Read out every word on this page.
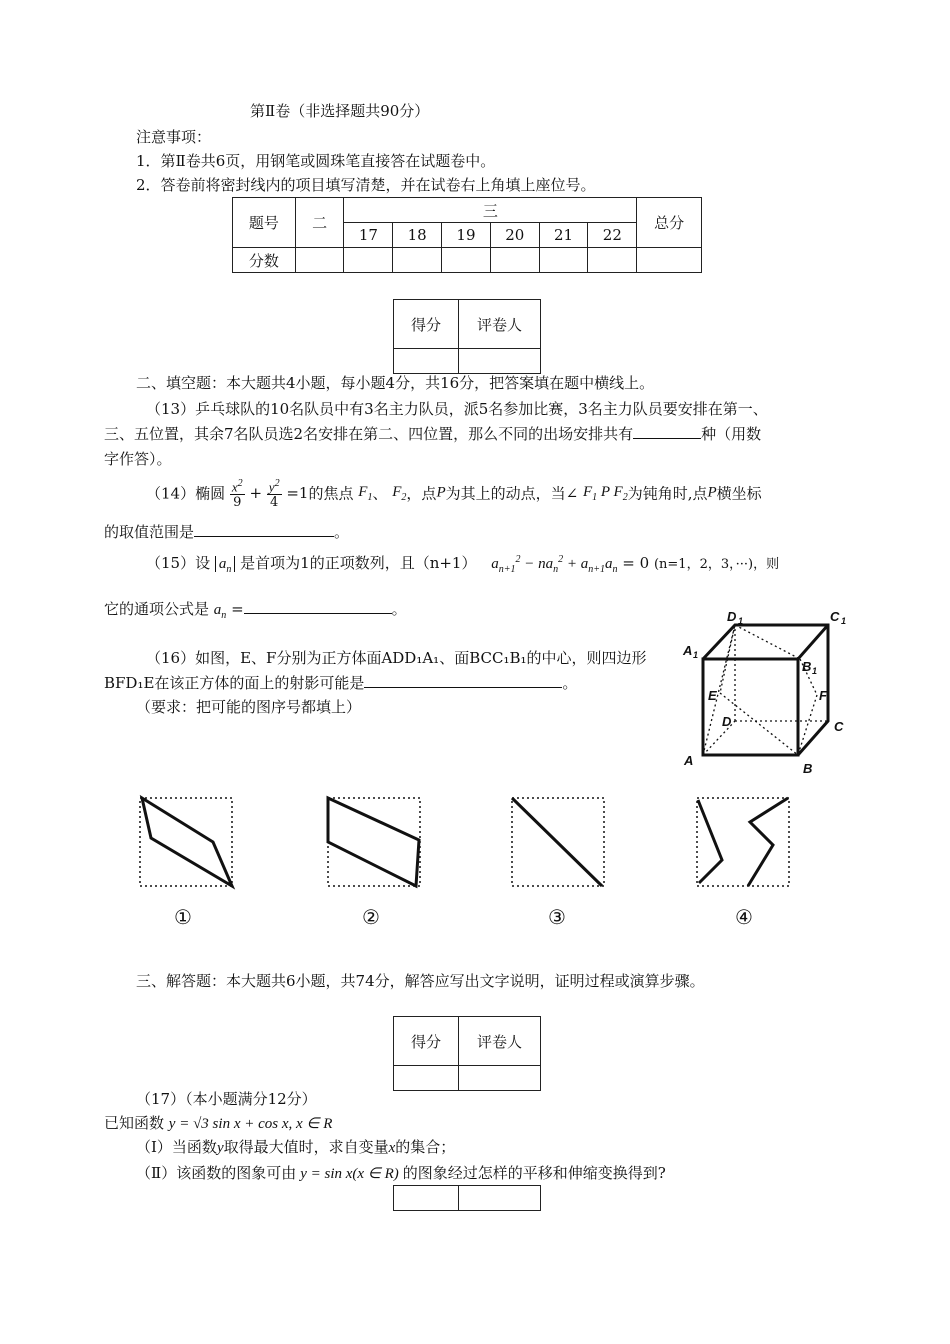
第Ⅱ卷（非选择题共90分）
注意事项：
1．第Ⅱ卷共6页，用钢笔或圆珠笔直接答在试题卷中。
2．答卷前将密封线内的项目填写清楚，并在试卷右上角填上座位号。
题号	二	三						总分
		17	18	19	20	21	22	
分数								
得分	评卷人

二、填空题：本大题共4小题，每小题4分，共16分，把答案填在题中横线上。
（13）乒乓球队的10名队员中有3名主力队员，派5名参加比赛，3名主力队员要安排在第一、
三、五位置，其余7名队员选2名安排在第二、四位置，那么不同的出场安排共有	种（用数
字作答）。
（14）椭圆 $\frac{x^2}{9} + \frac{y^2}{4} =1$的焦点 $F_1$、 $F_2$，点P为其上的动点，当∠ $F_1$ P $F_2$为钝角时,点P横坐标
的取值范围是	。
（15）设 $a_n$ 是首项为1的正项数列，且（n+1） $a_{n+1}^2 - na_n^2 + a_{n+1}a_n = 0$ (n=1，2，3，···)，则
它的通项公式是 $a_n$ =	。
（16）如图，E、F分别为正方体面ADD₁A₁、面BCC₁B₁的中心，则四边形
BFD₁E在该正方体的面上的射影可能是	。
（要求：把可能的图序号都填上）
D 1	C 1
A 1
B 1
E	F
D	C
A
B
①	②	③	④
三、解答题：本大题共6小题，共74分，解答应写出文字说明，证明过程或演算步骤。
得分	评卷人

（17）（本小题满分12分）
已知函数 y = √3 sin x + cos x, x ∈ R
（Ⅰ）当函数y取得最大值时，求自变量x的集合；
（Ⅱ）该函数的图象可由 y = sin x(x ∈ R) 的图象经过怎样的平移和伸缩变换得到?
